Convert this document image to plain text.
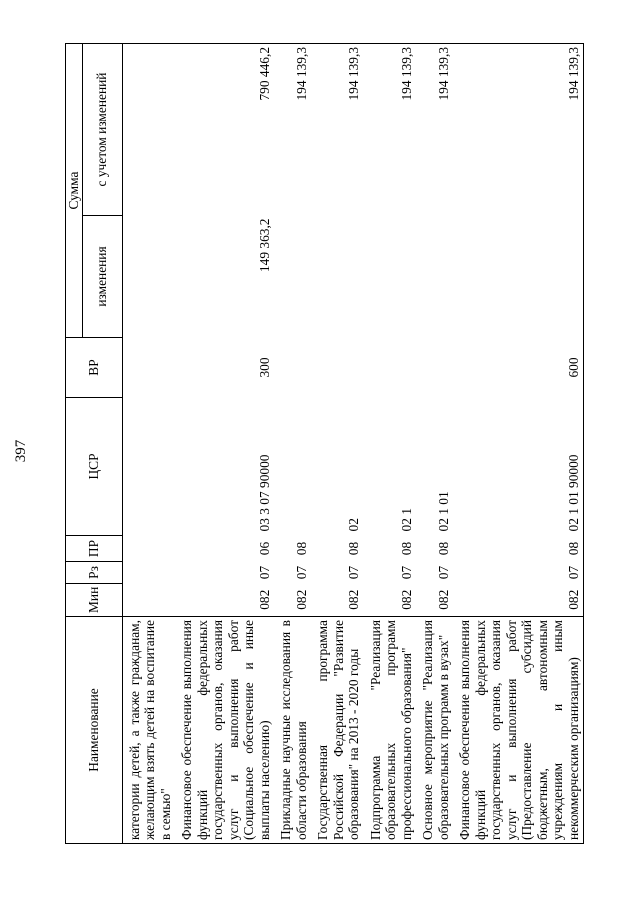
397
Наименование	Мин	Рз	ПР	ЦСР	ВР	Сумма	
						изменения	с учетом изменений
категории детей, а также гражданам, желающим взять детей на воспитание в семью"							
Финансовое обеспечение выполнения функций федеральных государственных органов, оказания услуг и выполнения работ (Социальное обеспечение и иные выплаты населению)	082	07	06	03 3 07 90000	300	149 363,2	790 446,2
Прикладные научные исследования в области образования	082	07	08				194 139,3
Государственная программа Российской Федерации "Развитие образования" на 2013 - 2020 годы	082	07	08	02			194 139,3
Подпрограмма "Реализация образовательных программ профессионального образования"	082	07	08	02 1			194 139,3
Основное мероприятие "Реализация образовательных программ в вузах"	082	07	08	02 1 01			194 139,3
Финансовое обеспечение выполнения функций федеральных государственных органов, оказания услуг и выполнения работ (Предоставление субсидий бюджетным, автономным учреждениям и иным некоммерческим организациям)	082	07	08	02 1 01 90000	600		194 139,3
